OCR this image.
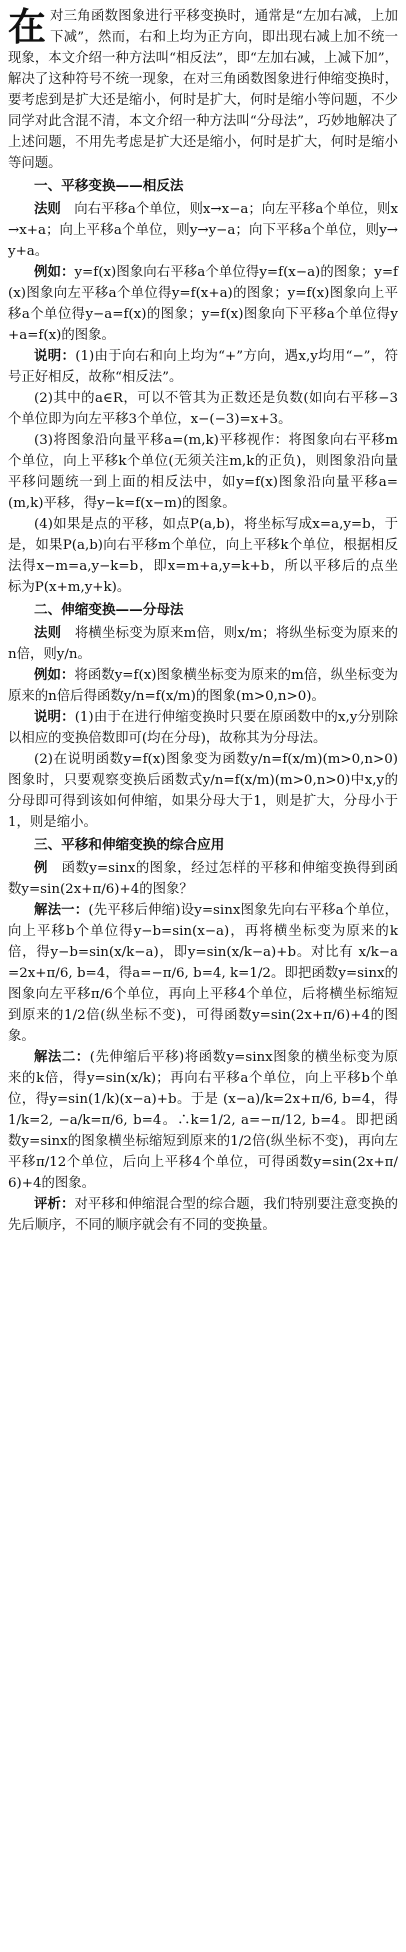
在对三角函数图象进行平移变换时，通常是“左加右减，上加下减”，然而，右和上均为正方向，即出现右减上加不统一现象，本文介绍一种方法叫“相反法”，即“左加右减，上减下加”，解决了这种符号不统一现象，在对三角函数图象进行伸缩变换时，要考虑到是扩大还是缩小，何时是扩大，何时是缩小等问题，不少同学对此含混不清，本文介绍一种方法叫“分母法”，巧妙地解决了上述问题，不用先考虑是扩大还是缩小，何时是扩大，何时是缩小等问题。

一、平移变换——相反法

法则　 向右平移a个单位，则x→x−a；向左平移a个单位，则x→x+a；向上平移a个单位，则y→y−a；向下平移a个单位，则y→y+a。

例如：y=f(x)图象向右平移a个单位得y=f(x−a)的图象；y=f(x)图象向左平移a个单位得y=f(x+a)的图象；y=f(x)图象向上平移a个单位得y−a=f(x)的图象；y=f(x)图象向下平移a个单位得y+a=f(x)的图象。

说明：(1)由于向右和向上均为“+”方向，遇x,y均用“−”，符号正好相反，故称“相反法”。

(2)其中的a∈R，可以不管其为正数还是负数(如向右平移−3个单位即为向左平移3个单位，x−(−3)=x+3。

(3)将图象沿向量平移a=(m,k)平移视作：将图象向右平移m个单位，向上平移k个单位(无须关注m,k的正负)，则图象沿向量平移问题统一到上面的相反法中，如y=f(x)图象沿向量平移a=(m,k)平移，得y−k=f(x−m)的图象。

(4)如果是点的平移，如点P(a,b)，将坐标写成x=a,y=b，于是，如果P(a,b)向右平移m个单位，向上平移k个单位，根据相反法得x−m=a,y−k=b，即x=m+a,y=k+b，所以平移后的点坐标为P(x+m,y+k)。

二、伸缩变换——分母法

法则　 将横坐标变为原来m倍，则x/m；将纵坐标变为原来的n倍，则y/n。

例如：将函数y=f(x)图象横坐标变为原来的m倍，纵坐标变为原来的n倍后得函数y/n=f(x/m)的图象(m>0,n>0)。

说明：(1)由于在进行伸缩变换时只要在原函数中的x,y分别除以相应的变换倍数即可(均在分母)，故称其为分母法。

(2)在说明函数y=f(x)图象变为函数y/n=f(x/m)(m>0,n>0)图象时，只要观察变换后函数式y/n=f(x/m)(m>0,n>0)中x,y的分母即可得到该如何伸缩，如果分母大于1，则是扩大，分母小于1，则是缩小。

三、平移和伸缩变换的综合应用

例　 函数y=sinx的图象，经过怎样的平移和伸缩变换得到函数y=sin(2x+π/6)+4的图象？

解法一：(先平移后伸缩)设y=sinx图象先向右平移a个单位，向上平移b个单位得y−b=sin(x−a)，再将横坐标变为原来的k倍，得y−b=sin(x/k−a)，即y=sin(x/k−a)+b。对比有 x/k−a=2x+π/6, b=4，得a=−π/6, b=4, k=1/2。即把函数y=sinx的图象向左平移π/6个单位，再向上平移4个单位，后将横坐标缩短到原来的1/2倍(纵坐标不变)，可得函数y=sin(2x+π/6)+4的图象。

解法二：(先伸缩后平移)将函数y=sinx图象的横坐标变为原来的k倍，得y=sin(x/k)；再向右平移a个单位，向上平移b个单位，得y=sin(1/k)(x−a)+b。于是 (x−a)/k=2x+π/6, b=4，得1/k=2, −a/k=π/6, b=4。∴k=1/2, a=−π/12, b=4。即把函数y=sinx的图象横坐标缩短到原来的1/2倍(纵坐标不变)，再向左平移π/12个单位，后向上平移4个单位，可得函数y=sin(2x+π/6)+4的图象。

评析：对平移和伸缩混合型的综合题，我们特别要注意变换的先后顺序，不同的顺序就会有不同的变换量。
